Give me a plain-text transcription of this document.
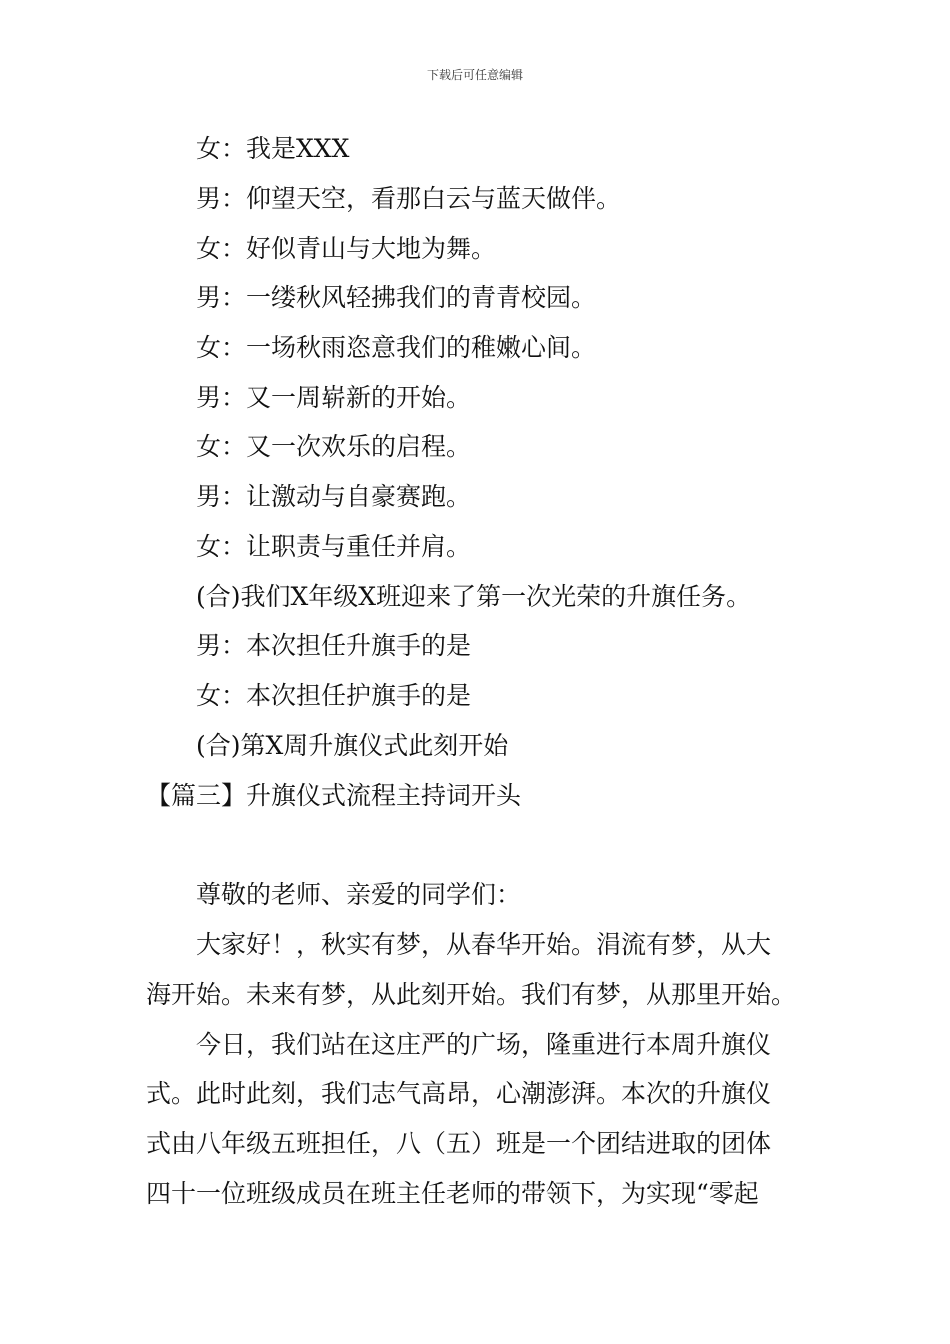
下载后可任意编辑
女：我是XXX
男：仰望天空，看那白云与蓝天做伴。
女：好似青山与大地为舞。
男：一缕秋风轻拂我们的青青校园。
女：一场秋雨恣意我们的稚嫩心间。
男：又一周崭新的开始。
女：又一次欢乐的启程。
男：让激动与自豪赛跑。
女：让职责与重任并肩。
(合)我们X年级X班迎来了第一次光荣的升旗任务。
男：本次担任升旗手的是
女：本次担任护旗手的是
(合)第X周升旗仪式此刻开始
【篇三】升旗仪式流程主持词开头
尊敬的老师、亲爱的同学们：
大家好！，秋实有梦，从春华开始。涓流有梦，从大
海开始。未来有梦，从此刻开始。我们有梦，从那里开始。
今日，我们站在这庄严的广场，隆重进行本周升旗仪
式。此时此刻，我们志气高昂，心潮澎湃。本次的升旗仪
式由八年级五班担任，八（五）班是一个团结进取的团体
四十一位班级成员在班主任老师的带领下，为实现“零起
